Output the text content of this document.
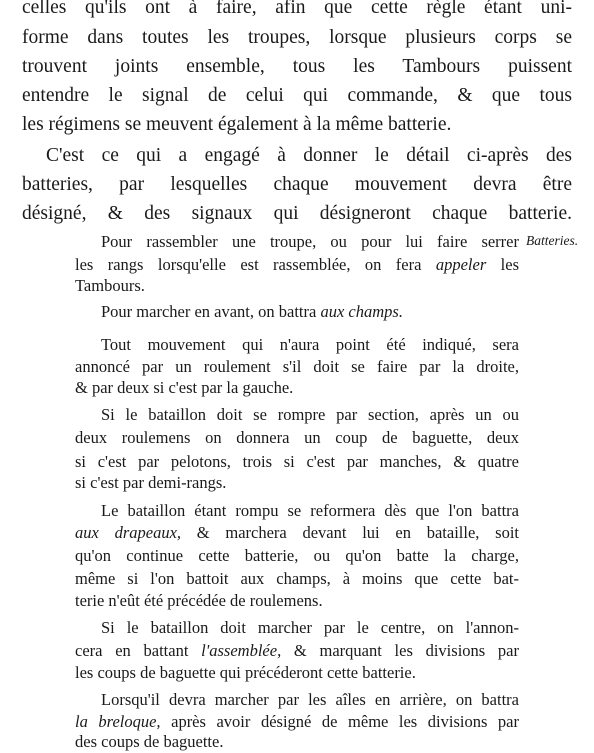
celles qu'ils ont à faire, afin que cette règle étant uni-

forme dans toutes les troupes, lorsque plusieurs corps se

trouvent joints ensemble, tous les Tambours puissent

entendre le signal de celui qui commande, & que tous

les régimens se meuvent également à la même batterie.

C'est ce qui a engagé à donner le détail ci-après des

batteries, par lesquelles chaque mouvement devra être

désigné, & des signaux qui désigneront chaque batterie.

Batteries.

Pour rassembler une troupe, ou pour lui faire serrer

les rangs lorsqu'elle est rassemblée, on fera appeler les

Tambours.

Pour marcher en avant, on battra aux champs.

Tout mouvement qui n'aura point été indiqué, sera

annoncé par un roulement s'il doit se faire par la droite,

& par deux si c'est par la gauche.

Si le bataillon doit se rompre par section, après un ou

deux roulemens on donnera un coup de baguette, deux

si c'est par pelotons, trois si c'est par manches, & quatre

si c'est par demi-rangs.

Le bataillon étant rompu se reformera dès que l'on battra

aux drapeaux, & marchera devant lui en bataille, soit

qu'on continue cette batterie, ou qu'on batte la charge,

même si l'on battoit aux champs, à moins que cette bat-

terie n'eût été précédée de roulemens.

Si le bataillon doit marcher par le centre, on l'annon-

cera en battant l'assemblée, & marquant les divisions par

les coups de baguette qui précéderont cette batterie.

Lorsqu'il devra marcher par les aîles en arrière, on battra

la breloque, après avoir désigné de même les divisions par

des coups de baguette.
